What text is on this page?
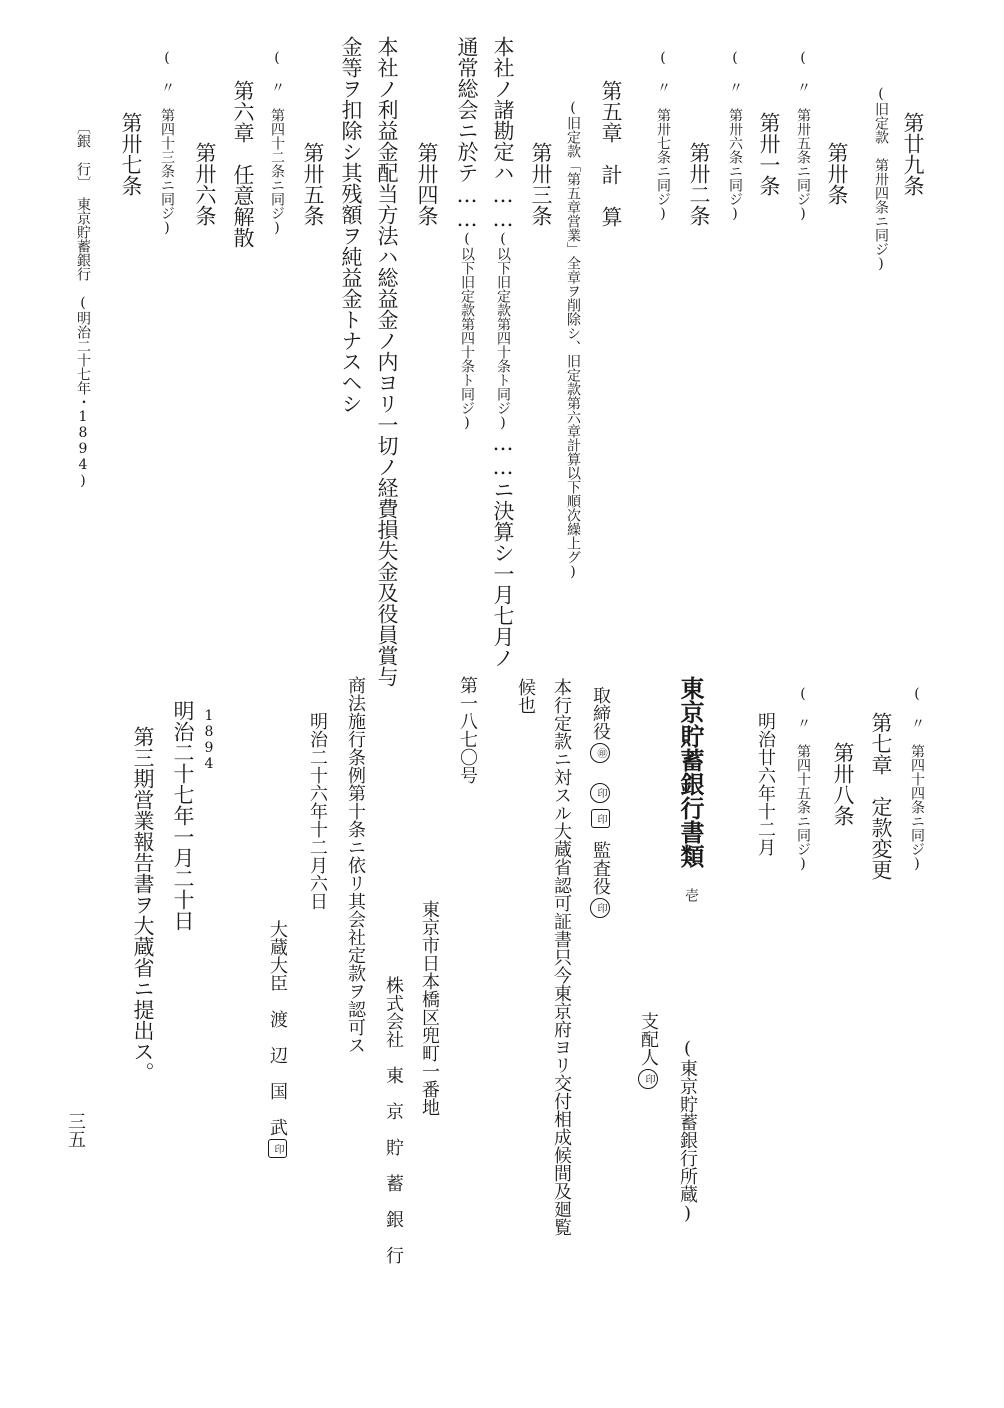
第廿九条
(旧定款　第卅四条ニ同ジ)
第卅条
(　〃　第卅五条ニ同ジ)
第卅一条
(　〃　第卅六条ニ同ジ)
第卅二条
(　〃　第卅七条ニ同ジ)
第五章　計　算
(旧定款「第五章営業」全章ヲ削除シ、旧定款第六章計算以下順次繰上グ)
第卅三条
本社ノ諸勘定ハ……(以下旧定款第四十条ト同ジ)……ニ決算シ一月七月ノ
通常総会ニ於テ……(以下旧定款第四十条ト同ジ)
第卅四条
本社ノ利益金配当方法ハ総益金ノ内ヨリ一切ノ経費損失金及役員賞与
金等ヲ扣除シ其残額ヲ純益金トナスヘシ
第卅五条
(　〃　第四十二条ニ同ジ)
第六章　任意解散
第卅六条
(　〃　第四十三条ニ同ジ)
第卅七条
〔銀　行〕　東京貯蓄銀行　(明治二十七年・1894)
(　〃　第四十四条ニ同ジ)
第七章　定款変更
第卅八条
(　〃　第四十五条ニ同ジ)
明治廿六年十二月
東京貯蓄銀行書類
壱
(東京貯蓄銀行所蔵)
支配人印
取締役㊞印印監査役印
本行定款ニ対スル大蔵省認可証書只今東京府ヨリ交付相成候間及廻覧
候也
第一八七〇号
東京市日本橋区兜町一番地
株式会社　東　京　貯　蓄　銀　行
商法施行条例第十条ニ依リ其会社定款ヲ認可ス
明治二十六年十二月六日
大蔵大臣　渡　辺　国　武印
1894
明治二十七年一月二十日
第三期営業報告書ヲ大蔵省ニ提出ス。
三五
